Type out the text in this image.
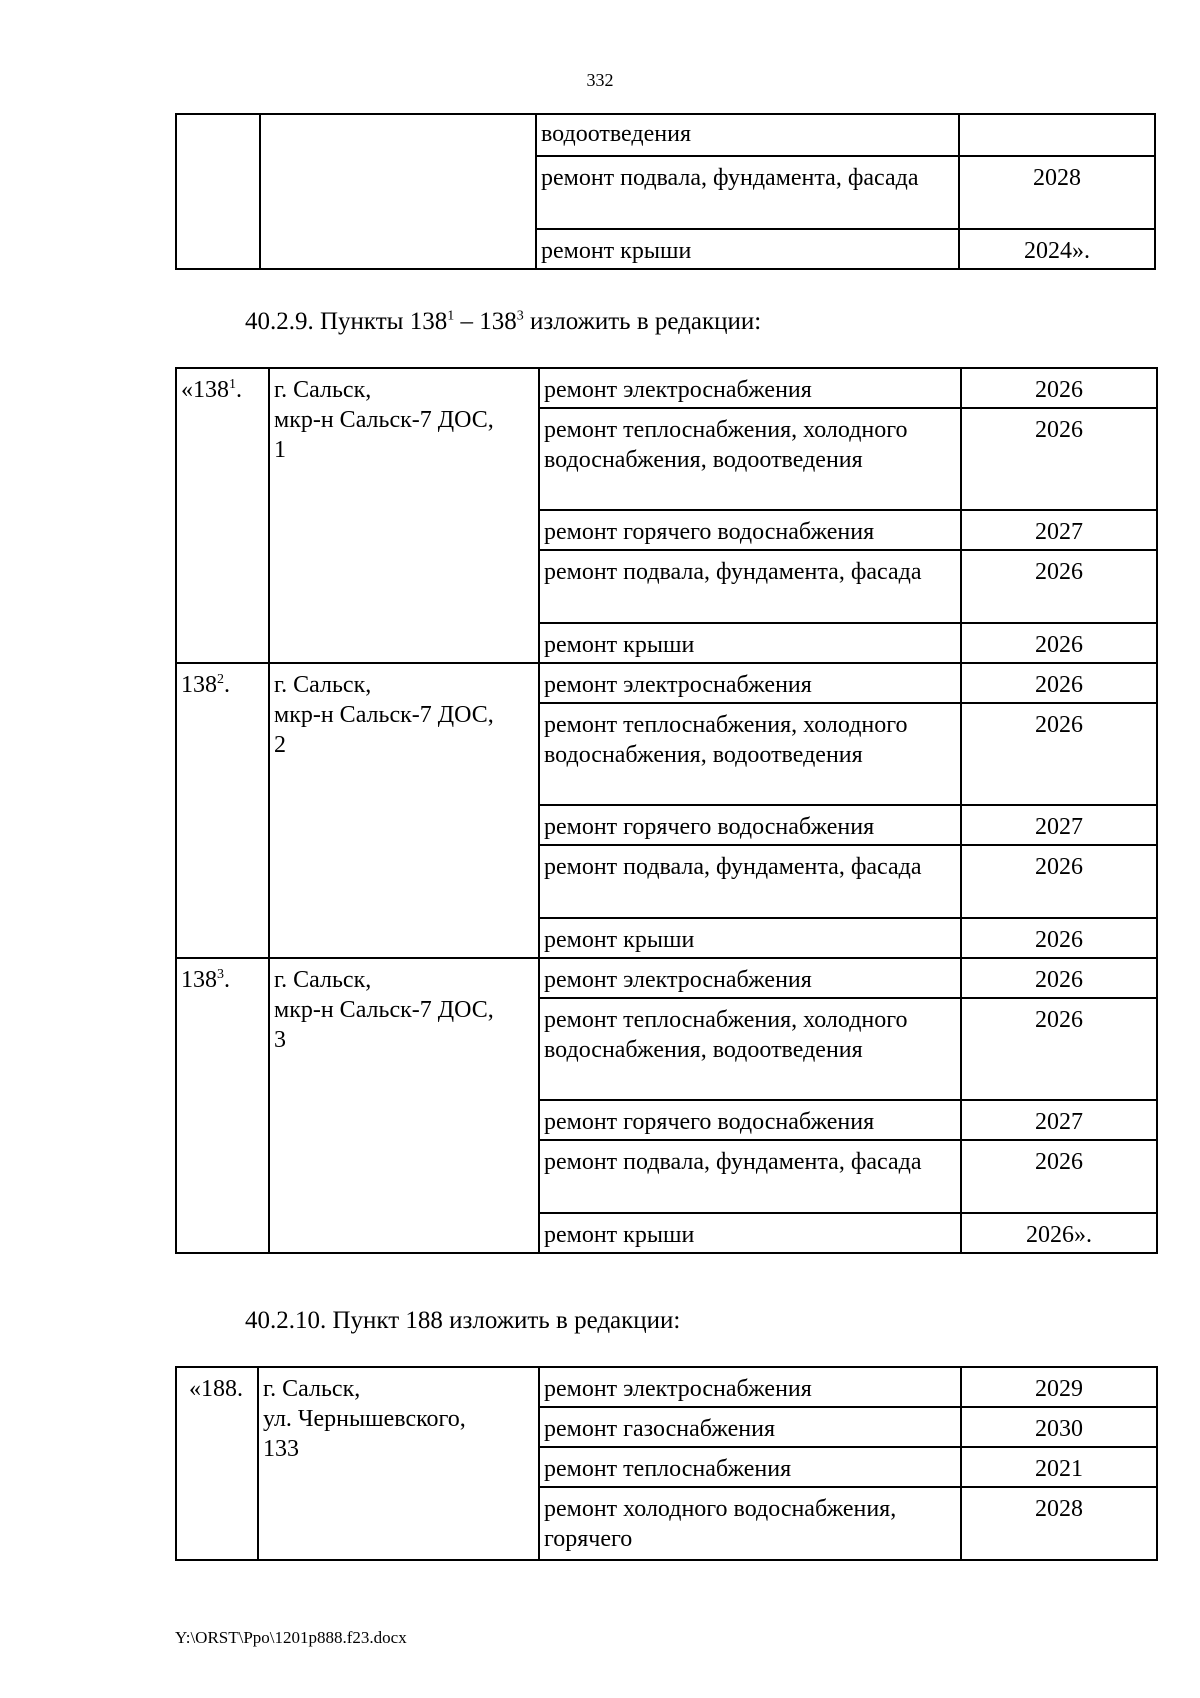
332
		водоотведения	
		ремонт подвала, фундамента, фасада	2028
		ремонт крыши	2024».
40.2.9. Пункты $138^1 - 138^3$ изложить в редакции:
«$138^1$.	г. Сальск,
мкр-н Сальск-7 ДОС,
1	ремонт электроснабжения	2026
		ремонт теплоснабжения, холодного водоснабжения, водоотведения	2026
		ремонт горячего водоснабжения	2027
		ремонт подвала, фундамента, фасада	2026
		ремонт крыши	2026
$138^2$.	г. Сальск,
мкр-н Сальск-7 ДОС,
2	ремонт электроснабжения	2026
		ремонт теплоснабжения, холодного водоснабжения, водоотведения	2026
		ремонт горячего водоснабжения	2027
		ремонт подвала, фундамента, фасада	2026
		ремонт крыши	2026
$138^3$.	г. Сальск,
мкр-н Сальск-7 ДОС,
3	ремонт электроснабжения	2026
		ремонт теплоснабжения, холодного водоснабжения, водоотведения	2026
		ремонт горячего водоснабжения	2027
		ремонт подвала, фундамента, фасада	2026
		ремонт крыши	2026».
40.2.10. Пункт 188 изложить в редакции:
«188.	г. Сальск,
ул. Чернышевского,
133	ремонт электроснабжения	2029
		ремонт газоснабжения	2030
		ремонт теплоснабжения	2021
		ремонт холодного водоснабжения, горячего	2028
Y:\ORST\Ppo\1201p888.f23.docx
